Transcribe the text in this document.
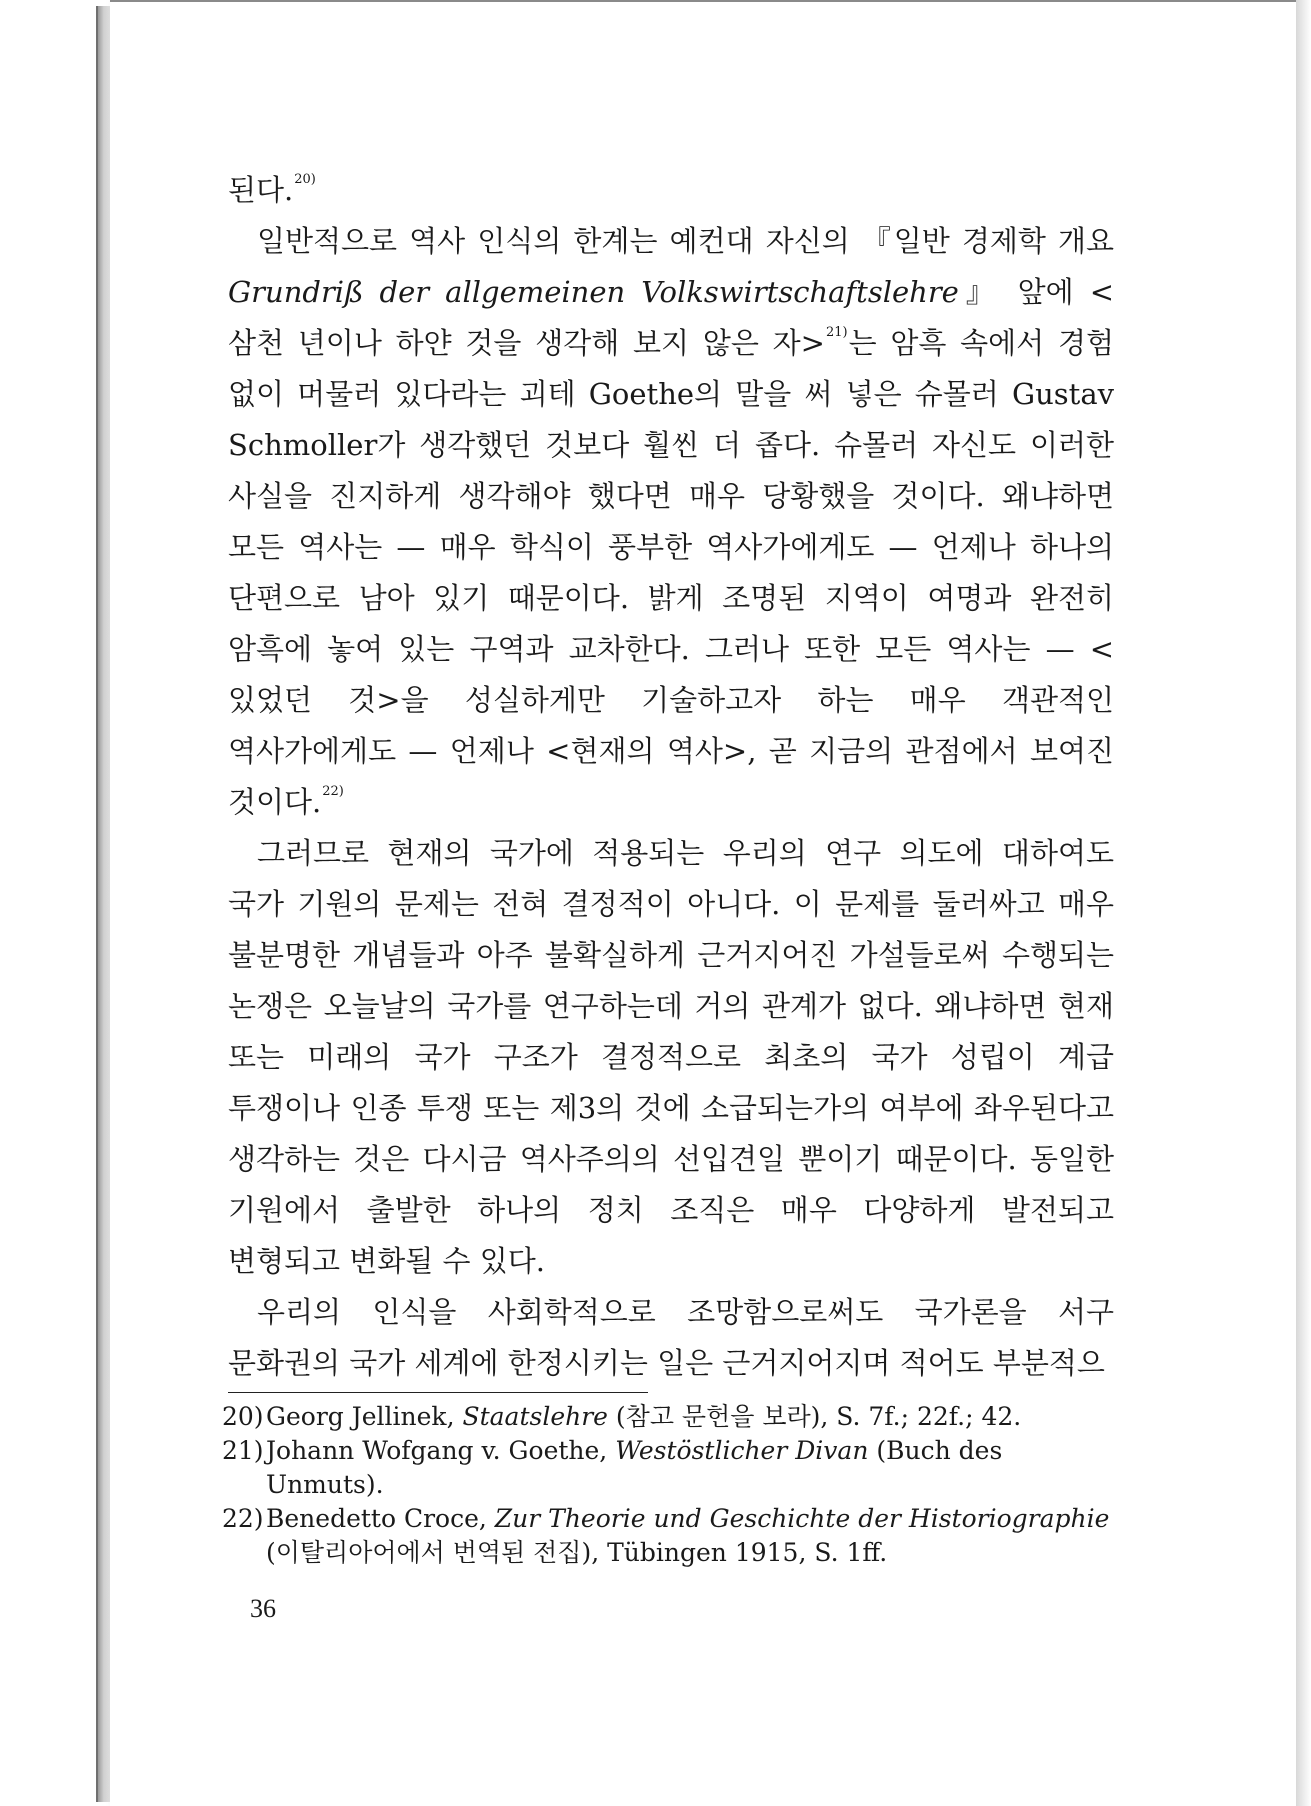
된다.$^{20)}$

일반적으로 역사 인식의 한계는 예컨대 자신의 『일반 경제학 개요 Grundriß der allgemeinen Volkswirtschaftslehre』 앞에 <삼천 년이나 하얀 것을 생각해 보지 않은 자>$^{21)}$는 암흑 속에서 경험 없이 머물러 있다라는 괴테 Goethe의 말을 써 넣은 슈몰러 Gustav Schmoller가 생각했던 것보다 훨씬 더 좁다. 슈몰러 자신도 이러한 사실을 진지하게 생각해야 했다면 매우 당황했을 것이다. 왜냐하면 모든 역사는 — 매우 학식이 풍부한 역사가에게도 — 언제나 하나의 단편으로 남아 있기 때문이다. 밝게 조명된 지역이 여명과 완전히 암흑에 놓여 있는 구역과 교차한다. 그러나 또한 모든 역사는 — <있었던 것>을 성실하게만 기술하고자 하는 매우 객관적인 역사가에게도 — 언제나 <현재의 역사>, 곧 지금의 관점에서 보여진 것이다.$^{22)}$

그러므로 현재의 국가에 적용되는 우리의 연구 의도에 대하여도 국가 기원의 문제는 전혀 결정적이 아니다. 이 문제를 둘러싸고 매우 불분명한 개념들과 아주 불확실하게 근거지어진 가설들로써 수행되는 논쟁은 오늘날의 국가를 연구하는데 거의 관계가 없다. 왜냐하면 현재 또는 미래의 국가 구조가 결정적으로 최초의 국가 성립이 계급 투쟁이나 인종 투쟁 또는 제3의 것에 소급되는가의 여부에 좌우된다고 생각하는 것은 다시금 역사주의의 선입견일 뿐이기 때문이다. 동일한 기원에서 출발한 하나의 정치 조직은 매우 다양하게 발전되고 변형되고 변화될 수 있다.

우리의 인식을 사회학적으로 조망함으로써도 국가론을 서구 문화권의 국가 세계에 한정시키는 일은 근거지어지며 적어도 부분적으

20) Georg Jellinek, Staatslehre (참고 문헌을 보라), S. 7f.; 22f.; 42.
21) Johann Wofgang v. Goethe, Westöstlicher Divan (Buch des Unmuts).
22) Benedetto Croce, Zur Theorie und Geschichte der Historiographie (이탈리아어에서 번역된 전집), Tübingen 1915, S. 1ff.
36
